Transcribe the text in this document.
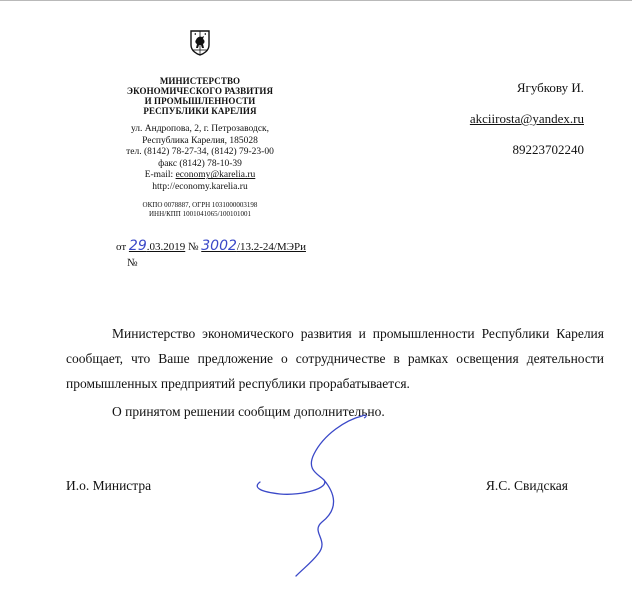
МИНИСТЕРСТВО
ЭКОНОМИЧЕСКОГО РАЗВИТИЯ
И ПРОМЫШЛЕННОСТИ
РЕСПУБЛИКИ КАРЕЛИЯ
ул. Андропова, 2, г. Петрозаводск,
Республика Карелия, 185028
тел. (8142) 78-27-34, (8142) 79-23-00
факс (8142) 78-10-39
E-mail: economy@karelia.ru
http://economy.karelia.ru
ОКПО 0078887, ОГРН 1031000003198
ИНН/КПП 1001041065/100101001
от 29.03.2019 № 3002/13.2-24/МЭРи
№
Ягубкову И.
akciirosta@yandex.ru
89223702240

Министерство экономического развития и промышленности Республики Карелия сообщает, что Ваше предложение о сотрудничестве в рамках освещения деятельности промышленных предприятий республики прорабатывается.

О принятом решении сообщим дополнительно.

И.о. Министра	Я.С. Свидская
